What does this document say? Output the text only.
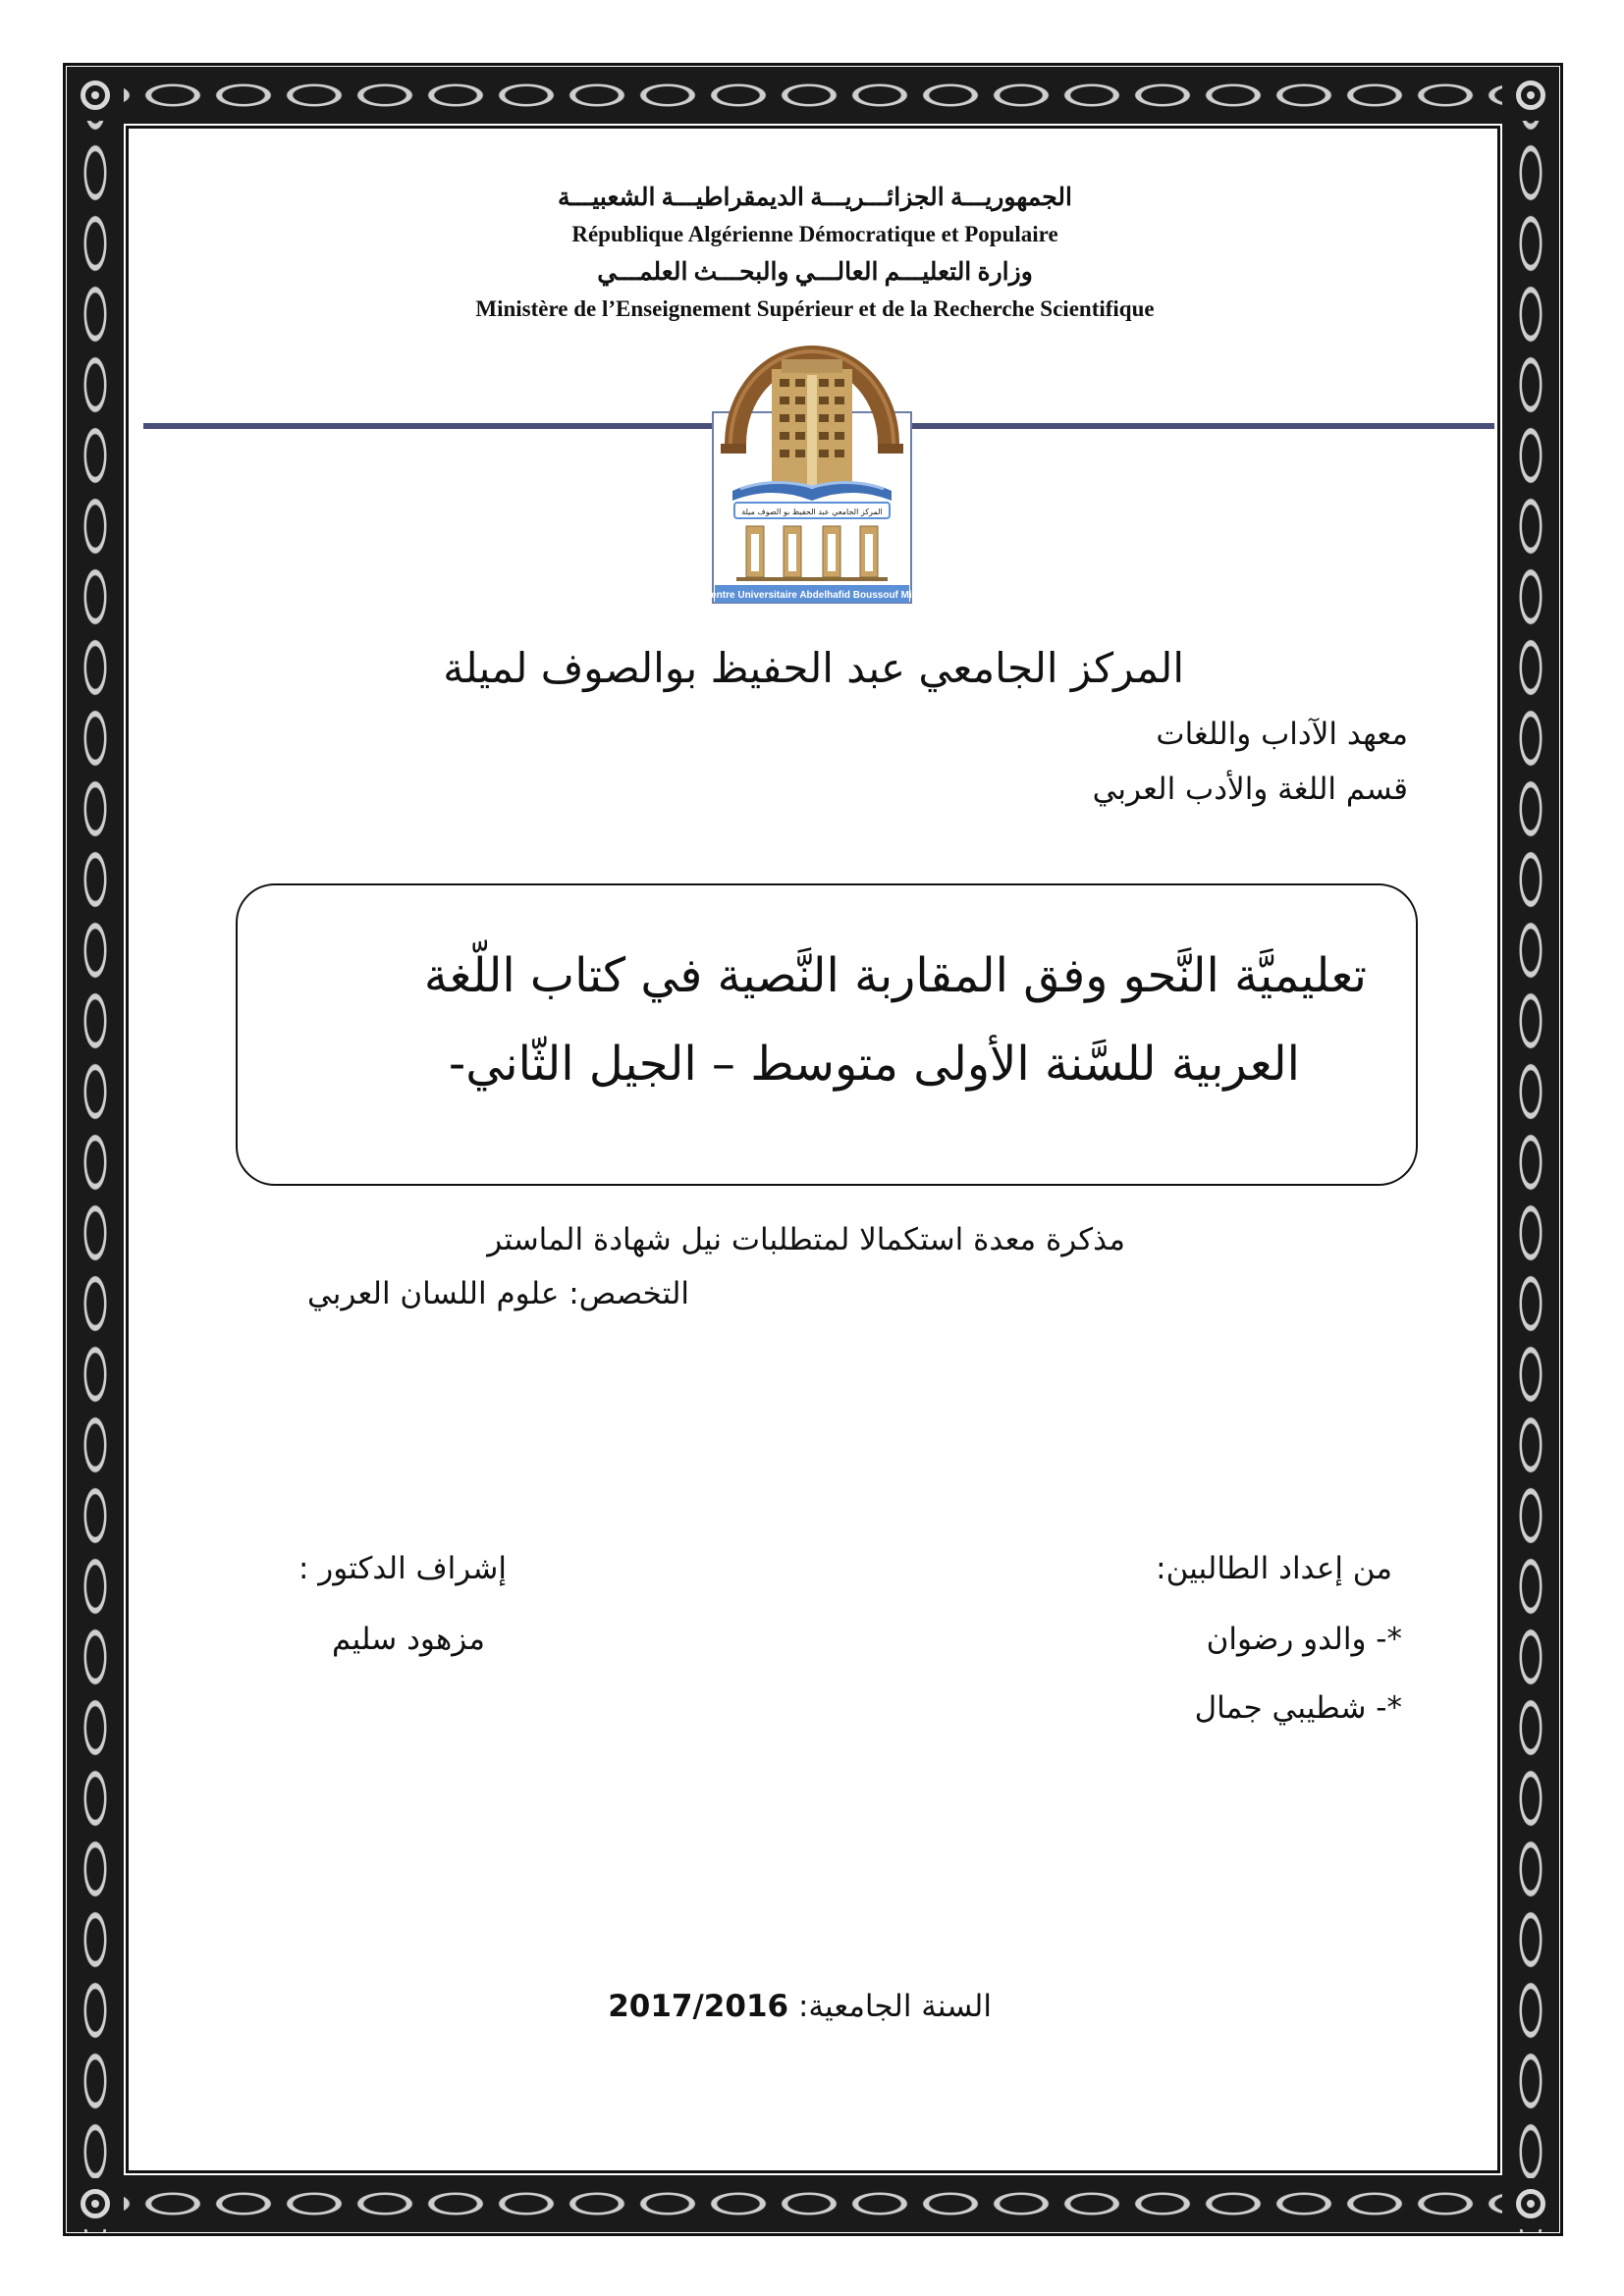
الجمهوريـــة الجزائـــريـــة الديمقراطيـــة الشعبيـــة
République Algérienne Démocratique et Populaire
وزارة التعليـــم العالـــي والبحـــث العلمـــي
Ministère de l’Enseignement Supérieur et de la Recherche Scientifique
المركز الجامعي عبد الحفيظ بو الصوف ميلة
Centre Universitaire Abdelhafid Boussouf Mila
المركز الجامعي عبد الحفيظ بوالصوف لميلة
معهد الآداب واللغات
قسم اللغة والأدب العربي
تعليميَّة النَّحو وفق المقاربة النَّصية في كتاب اللّغة
العربية للسَّنة الأولى متوسط – الجيل الثّاني-
مذكرة معدة استكمالا لمتطلبات نيل شهادة الماستر
التخصص: علوم اللسان العربي
من إعداد الطالبين:
*- والدو رضوان
*- شطيبي جمال
إشراف الدكتور :
مزهود سليم
السنة الجامعية: 2017/2016
